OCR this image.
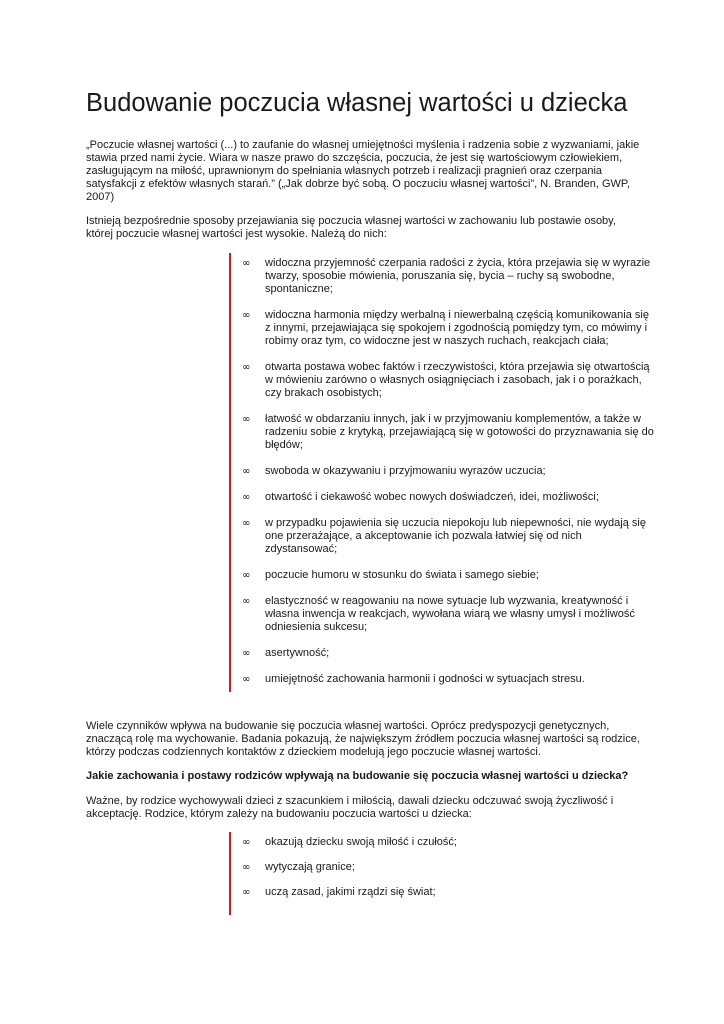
Budowanie poczucia własnej wartości u dziecka

„Poczucie własnej wartości (...) to zaufanie do własnej umiejętności myślenia i radzenia sobie z wyzwaniami, jakie stawia przed nami życie. Wiara w nasze prawo do szczęścia, poczucia, że jest się wartościowym człowiekiem, zasługującym na miłość, uprawnionym do spełniania własnych potrzeb i realizacji pragnień oraz czerpania satysfakcji z efektów własnych starań.” („Jak dobrze być sobą. O poczuciu własnej wartości”, N. Branden, GWP, 2007)

Istnieją bezpośrednie sposoby przejawiania się poczucia własnej wartości w zachowaniu lub postawie osoby, której poczucie własnej wartości jest wysokie. Należą do nich:

∞ widoczna przyjemność czerpania radości z życia, która przejawia się w wyrazie twarzy, sposobie mówienia, poruszania się, bycia – ruchy są swobodne, spontaniczne;
∞ widoczna harmonia między werbalną i niewerbalną częścią komunikowania się z innymi, przejawiająca się spokojem i zgodnością pomiędzy tym, co mówimy i robimy oraz tym, co widoczne jest w naszych ruchach, reakcjach ciała;
∞ otwarta postawa wobec faktów i rzeczywistości, która przejawia się otwartością w mówieniu zarówno o własnych osiągnięciach i zasobach, jak i o porażkach, czy brakach osobistych;
∞ łatwość w obdarzaniu innych, jak i w przyjmowaniu komplementów, a także w radzeniu sobie z krytyką, przejawiającą się w gotowości do przyznawania się do błędów;
∞ swoboda w okazywaniu i przyjmowaniu wyrazów uczucia;
∞ otwartość i ciekawość wobec nowych doświadczeń, idei, możliwości;
∞ w przypadku pojawienia się uczucia niepokoju lub niepewności, nie wydają się one przerażające, a akceptowanie ich pozwala łatwiej się od nich zdystansować;
∞ poczucie humoru w stosunku do świata i samego siebie;
∞ elastyczność w reagowaniu na nowe sytuacje lub wyzwania, kreatywność i własna inwencja w reakcjach, wywołana wiarą we własny umysł i możliwość odniesienia sukcesu;
∞ asertywność;
∞ umiejętność zachowania harmonii i godności w sytuacjach stresu.

Wiele czynników wpływa na budowanie się poczucia własnej wartości. Oprócz predyspozycji genetycznych, znaczącą rolę ma wychowanie. Badania pokazują, że największym źródłem poczucia własnej wartości są rodzice, którzy podczas codziennych kontaktów z dzieckiem modelują jego poczucie własnej wartości.

Jakie zachowania i postawy rodziców wpływają na budowanie się poczucia własnej wartości u dziecka?

Ważne, by rodzice wychowywali dzieci z szacunkiem i miłością, dawali dziecku odczuwać swoją życzliwość i akceptację. Rodzice, którym zależy na budowaniu poczucia wartości u dziecka:

∞ okazują dziecku swoją miłość i czułość;
∞ wytyczają granice;
∞ uczą zasad, jakimi rządzi się świat;
